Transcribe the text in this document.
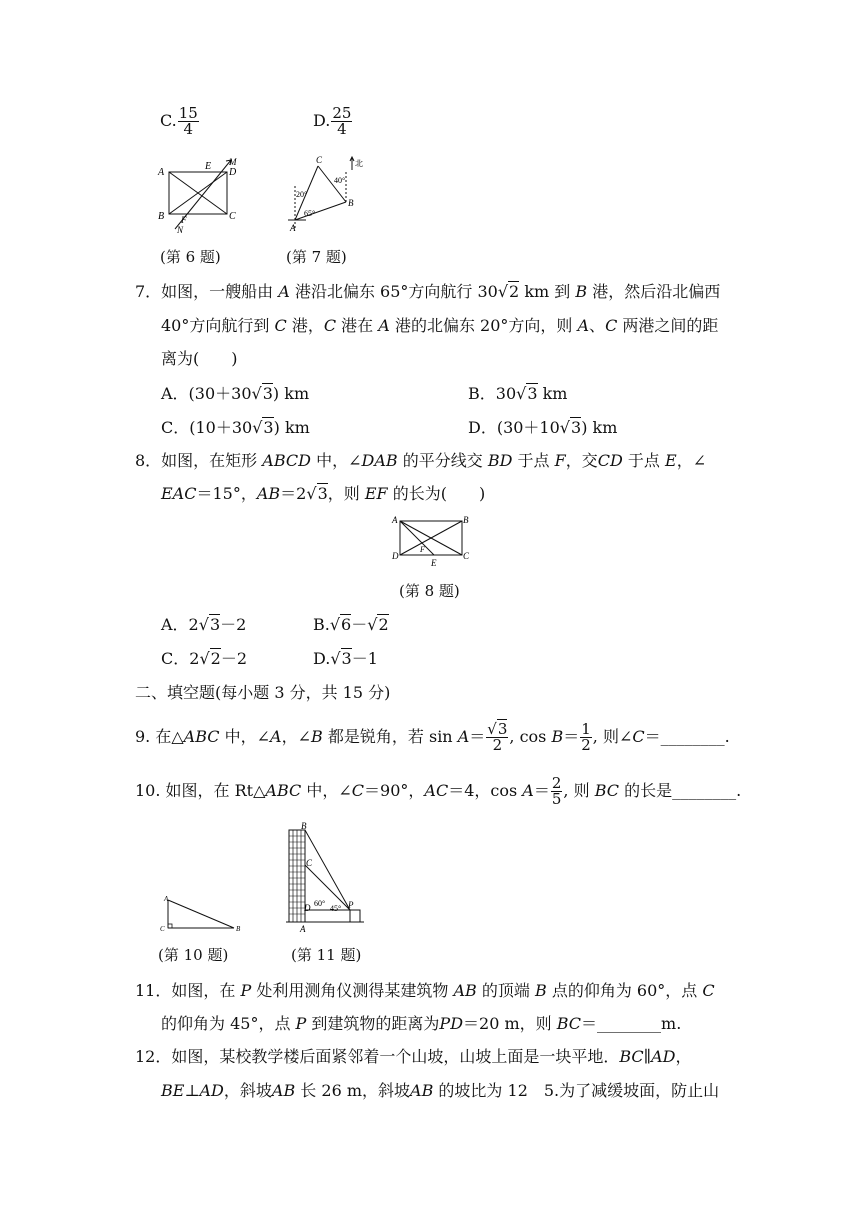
C. $\frac{15}{4}$	D. $\frac{25}{4}$
A
E M
D
B F
N
C
C	北
40°
20°
B
65°
A
(第 6 题)	(第 7 题)
7．如图，一艘船由 A 港沿北偏东 65°方向航行 30√2 km 到 B 港，然后沿北偏西
40°方向航行到 C 港，C 港在 A 港的北偏东 20°方向，则 A、C 两港之间的距
离为(　　)
A．(30＋30√3) km	B．30√3 km
C．(10＋30√3) km	D．(30＋10√3) km
8．如图，在矩形 ABCD 中，∠DAB 的平分线交 BD 于点 F，交CD 于点 E，∠
EAC＝15°，AB＝2√3，则 EF 的长为(　　)
A	B
D
F
E
C
(第 8 题)
A．2√3－2	B.√6－√2
C．2√2－2	D.√3－1
二、填空题(每小题 3 分，共 15 分)
9. 在△ABC 中，∠A，∠B 都是锐角，若 $\sin A= \frac{√3}{2}$ , $\cos B= \frac{1}{2}$ , 则∠C＝________.
10. 如图，在 Rt△ABC 中，∠C＝90°，AC＝4，$\cos A= \frac{2}{5}$ , 则 BC 的长是________.
A
C	B
B
C
60°
D 45° P
A
(第 10 题)	(第 11 题)
11．如图，在 P 处利用测角仪测得某建筑物 AB 的顶端 B 点的仰角为 60°，点 C
的仰角为 45°，点 P 到建筑物的距离为PD＝20 m，则 BC＝________m.
12．如图，某校教学楼后面紧邻着一个山坡，山坡上面是一块平地．BC∥AD，
BE⊥AD，斜坡AB 长 26 m，斜坡AB 的坡比为 12　5.为了减缓坡面，防止山
